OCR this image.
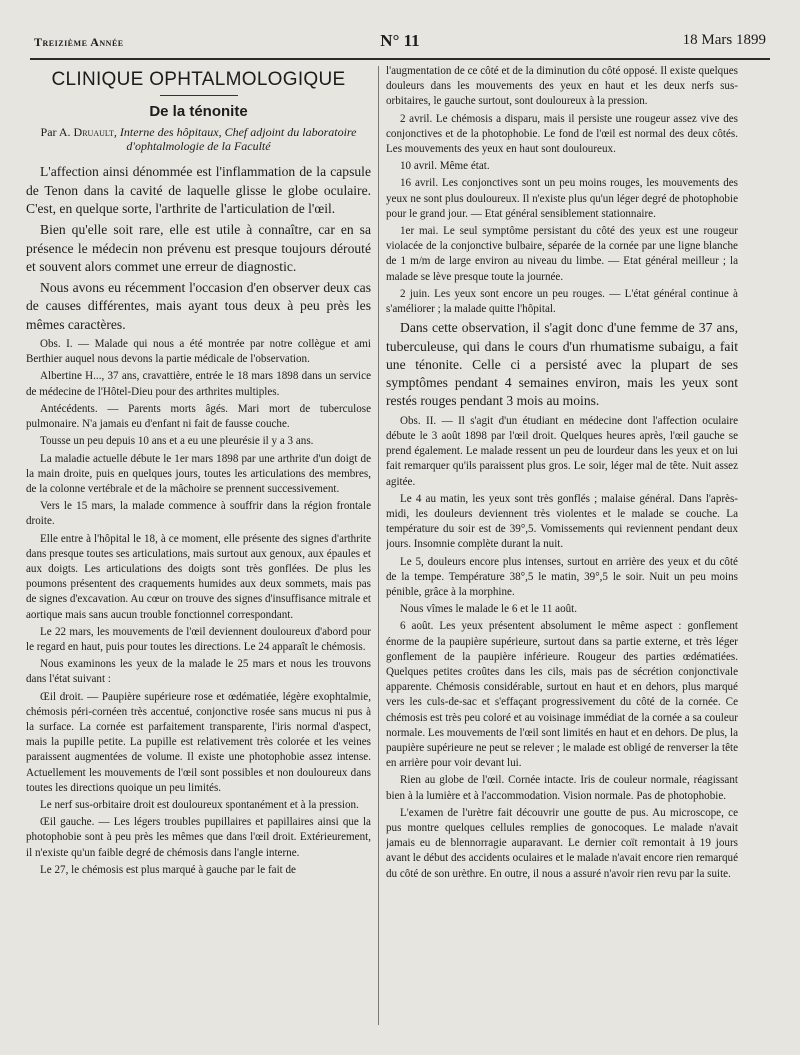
Treizième Année	N° 11	18 Mars 1899
CLINIQUE OPHTALMOLOGIQUE
De la ténonite
Par A. Druault, Interne des hôpitaux, Chef adjoint du laboratoire d'ophtalmologie de la Faculté

L'affection ainsi dénommée est l'inflammation de la capsule de Tenon dans la cavité de laquelle glisse le globe oculaire. C'est, en quelque sorte, l'arthrite de l'articulation de l'œil.

Bien qu'elle soit rare, elle est utile à connaître, car en sa présence le médecin non prévenu est presque toujours dérouté et souvent alors commet une erreur de diagnostic.

Nous avons eu récemment l'occasion d'en observer deux cas de causes différentes, mais ayant tous deux à peu près les mêmes caractères.

Obs. I. — Malade qui nous a été montrée par notre collègue et ami Berthier auquel nous devons la partie médicale de l'observation.

Albertine H..., 37 ans, cravattière, entrée le 18 mars 1898 dans un service de médecine de l'Hôtel-Dieu pour des arthrites multiples.

Antécédents. — Parents morts âgés. Mari mort de tuberculose pulmonaire. N'a jamais eu d'enfant ni fait de fausse couche.

Tousse un peu depuis 10 ans et a eu une pleurésie il y a 3 ans.

La maladie actuelle débute le 1er mars 1898 par une arthrite d'un doigt de la main droite, puis en quelques jours, toutes les articulations des membres, de la colonne vertébrale et de la mâchoire se prennent successivement.

Vers le 15 mars, la malade commence à souffrir dans la région frontale droite.

Elle entre à l'hôpital le 18, à ce moment, elle présente des signes d'arthrite dans presque toutes ses articulations, mais surtout aux genoux, aux épaules et aux doigts. Les articulations des doigts sont très gonflées. De plus les poumons présentent des craquements humides aux deux sommets, mais pas de signes d'excavation. Au cœur on trouve des signes d'insuffisance mitrale et aortique mais sans aucun trouble fonctionnel correspondant.

Le 22 mars, les mouvements de l'œil deviennent douloureux d'abord pour le regard en haut, puis pour toutes les directions. Le 24 apparaît le chémosis.

Nous examinons les yeux de la malade le 25 mars et nous les trouvons dans l'état suivant :

Œil droit. — Paupière supérieure rose et œdématiée, légère exophtalmie, chémosis péri-cornéen très accentué, conjonctive rosée sans mucus ni pus à la surface. La cornée est parfaitement transparente, l'iris normal d'aspect, mais la pupille petite. La pupille est relativement très colorée et les veines paraissent augmentées de volume. Il existe une photophobie assez intense. Actuellement les mouvements de l'œil sont possibles et non douloureux dans toutes les directions quoique un peu limités.

Le nerf sus-orbitaire droit est douloureux spontanément et à la pression.

Œil gauche. — Les légers troubles pupillaires et papillaires ainsi que la photophobie sont à peu près les mêmes que dans l'œil droit. Extérieurement, il n'existe qu'un faible degré de chémosis dans l'angle interne.

Le 27, le chémosis est plus marqué à gauche par le fait de

l'augmentation de ce côté et de la diminution du côté opposé. Il existe quelques douleurs dans les mouvements des yeux en haut et les deux nerfs sus-orbitaires, le gauche surtout, sont douloureux à la pression.

2 avril. Le chémosis a disparu, mais il persiste une rougeur assez vive des conjonctives et de la photophobie. Le fond de l'œil est normal des deux côtés. Les mouvements des yeux en haut sont douloureux.

10 avril. Même état.

16 avril. Les conjonctives sont un peu moins rouges, les mouvements des yeux ne sont plus douloureux. Il n'existe plus qu'un léger degré de photophobie pour le grand jour. — Etat général sensiblement stationnaire.

1er mai. Le seul symptôme persistant du côté des yeux est une rougeur violacée de la conjonctive bulbaire, séparée de la cornée par une ligne blanche de 1 m/m de large environ au niveau du limbe. — Etat général meilleur ; la malade se lève presque toute la journée.

2 juin. Les yeux sont encore un peu rouges. — L'état général continue à s'améliorer ; la malade quitte l'hôpital.

Dans cette observation, il s'agit donc d'une femme de 37 ans, tuberculeuse, qui dans le cours d'un rhumatisme subaigu, a fait une ténonite. Celle ci a persisté avec la plupart de ses symptômes pendant 4 semaines environ, mais les yeux sont restés rouges pendant 3 mois au moins.

Obs. II. — Il s'agit d'un étudiant en médecine dont l'affection oculaire débute le 3 août 1898 par l'œil droit. Quelques heures après, l'œil gauche se prend également. Le malade ressent un peu de lourdeur dans les yeux et on lui fait remarquer qu'ils paraissent plus gros. Le soir, léger mal de tête. Nuit assez agitée.

Le 4 au matin, les yeux sont très gonflés ; malaise général. Dans l'après-midi, les douleurs deviennent très violentes et le malade se couche. La température du soir est de 39°,5. Vomissements qui reviennent pendant deux jours. Insomnie complète durant la nuit.

Le 5, douleurs encore plus intenses, surtout en arrière des yeux et du côté de la tempe. Température 38°,5 le matin, 39°,5 le soir. Nuit un peu moins pénible, grâce à la morphine.

Nous vîmes le malade le 6 et le 11 août.

6 août. Les yeux présentent absolument le même aspect : gonflement énorme de la paupière supérieure, surtout dans sa partie externe, et très léger gonflement de la paupière inférieure. Rougeur des parties œdématiées. Quelques petites croûtes dans les cils, mais pas de sécrétion conjonctivale apparente. Chémosis considérable, surtout en haut et en dehors, plus marqué vers les culs-de-sac et s'effaçant progressivement du côté de la cornée. Ce chémosis est très peu coloré et au voisinage immédiat de la cornée a sa couleur normale. Les mouvements de l'œil sont limités en haut et en dehors. De plus, la paupière supérieure ne peut se relever ; le malade est obligé de renverser la tête en arrière pour voir devant lui.

Rien au globe de l'œil. Cornée intacte. Iris de couleur normale, réagissant bien à la lumière et à l'accommodation. Vision normale. Pas de photophobie.

L'examen de l'urètre fait découvrir une goutte de pus. Au microscope, ce pus montre quelques cellules remplies de gonocoques. Le malade n'avait jamais eu de blennorragie auparavant. Le dernier coït remontait à 19 jours avant le début des accidents oculaires et le malade n'avait encore rien remarqué du côté de son urèthre. En outre, il nous a assuré n'avoir rien revu par la suite.
